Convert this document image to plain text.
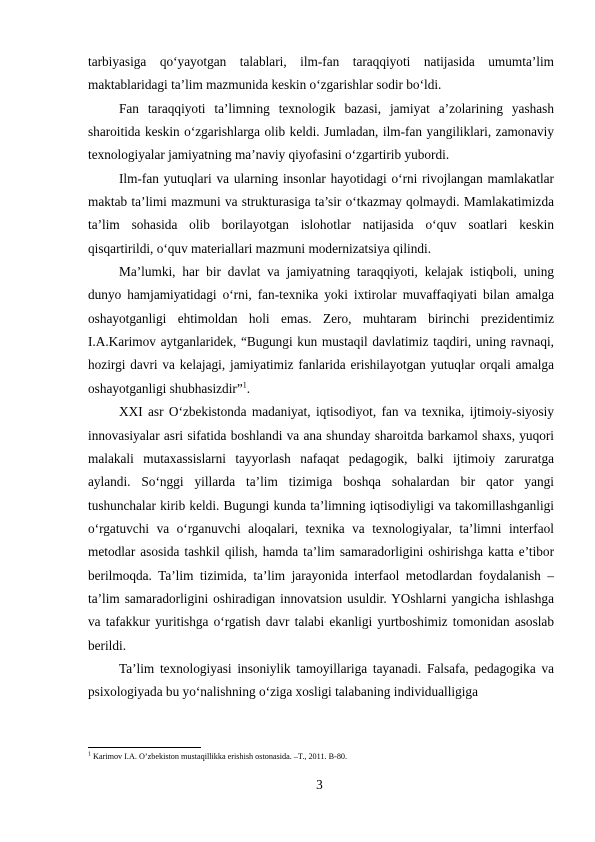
tarbiyasiga qo‘yayotgan talablari, ilm-fan taraqqiyoti natijasida umumta’lim maktablaridagi ta’lim mazmunida keskin o‘zgarishlar sodir bo‘ldi.

Fan taraqqiyoti ta’limning texnologik bazasi, jamiyat a’zolarining yashash sharoitida keskin o‘zgarishlarga olib keldi. Jumladan, ilm-fan yangiliklari, zamonaviy texnologiyalar jamiyatning ma’naviy qiyofasini o‘zgartirib yubordi.

Ilm-fan yutuqlari va ularning insonlar hayotidagi o‘rni rivojlangan mamlakatlar maktab ta’limi mazmuni va strukturasiga ta’sir o‘tkazmay qolmaydi. Mamlakatimizda ta’lim sohasida olib borilayotgan islohotlar natijasida o‘quv soatlari keskin qisqartirildi, o‘quv materiallari mazmuni modernizatsiya qilindi.

Ma’lumki, har bir davlat va jamiyatning taraqqiyoti, kelajak istiqboli, uning dunyo hamjamiyatidagi o‘rni, fan-texnika yoki ixtirolar muvaffaqiyati bilan amalga oshayotganligi ehtimoldan holi emas. Zero, muhtaram birinchi prezidentimiz I.A.Karimov aytganlaridek, “Bugungi kun mustaqil davlatimiz taqdiri, uning ravnaqi, hozirgi davri va kelajagi, jamiyatimiz fanlarida erishilayotgan yutuqlar orqali amalga oshayotganligi shubhasizdir”$^1$.

XXI asr O‘zbekistonda madaniyat, iqtisodiyot, fan va texnika, ijtimoiy-siyosiy innovasiyalar asri sifatida boshlandi va ana shunday sharoitda barkamol shaxs, yuqori malakali mutaxassislarni tayyorlash nafaqat pedagogik, balki ijtimoiy zaruratga aylandi. So‘nggi yillarda ta’lim tizimiga boshqa sohalardan bir qator yangi tushunchalar kirib keldi. Bugungi kunda ta’limning iqtisodiyligi va takomillashganligi o‘rgatuvchi va o‘rganuvchi aloqalari, texnika va texnologiyalar, ta’limni interfaol metodlar asosida tashkil qilish, hamda ta’lim samaradorligini oshirishga katta e’tibor berilmoqda. Ta’lim tizimida, ta’lim jarayonida interfaol metodlardan foydalanish – ta’lim samaradorligini oshiradigan innovatsion usuldir. YOshlarni yangicha ishlashga va tafakkur yuritishga o‘rgatish davr talabi ekanligi yurtboshimiz tomonidan asoslab berildi.

Ta’lim texnologiyasi insoniylik tamoyillariga tayanadi. Falsafa, pedagogika va psixologiyada bu yo‘nalishning o‘ziga xosligi talabaning individualligiga

$^1$ Karimov I.A. O’zbekiston mustaqillikka erishish ostonasida. –T., 2011. B-80.
3
